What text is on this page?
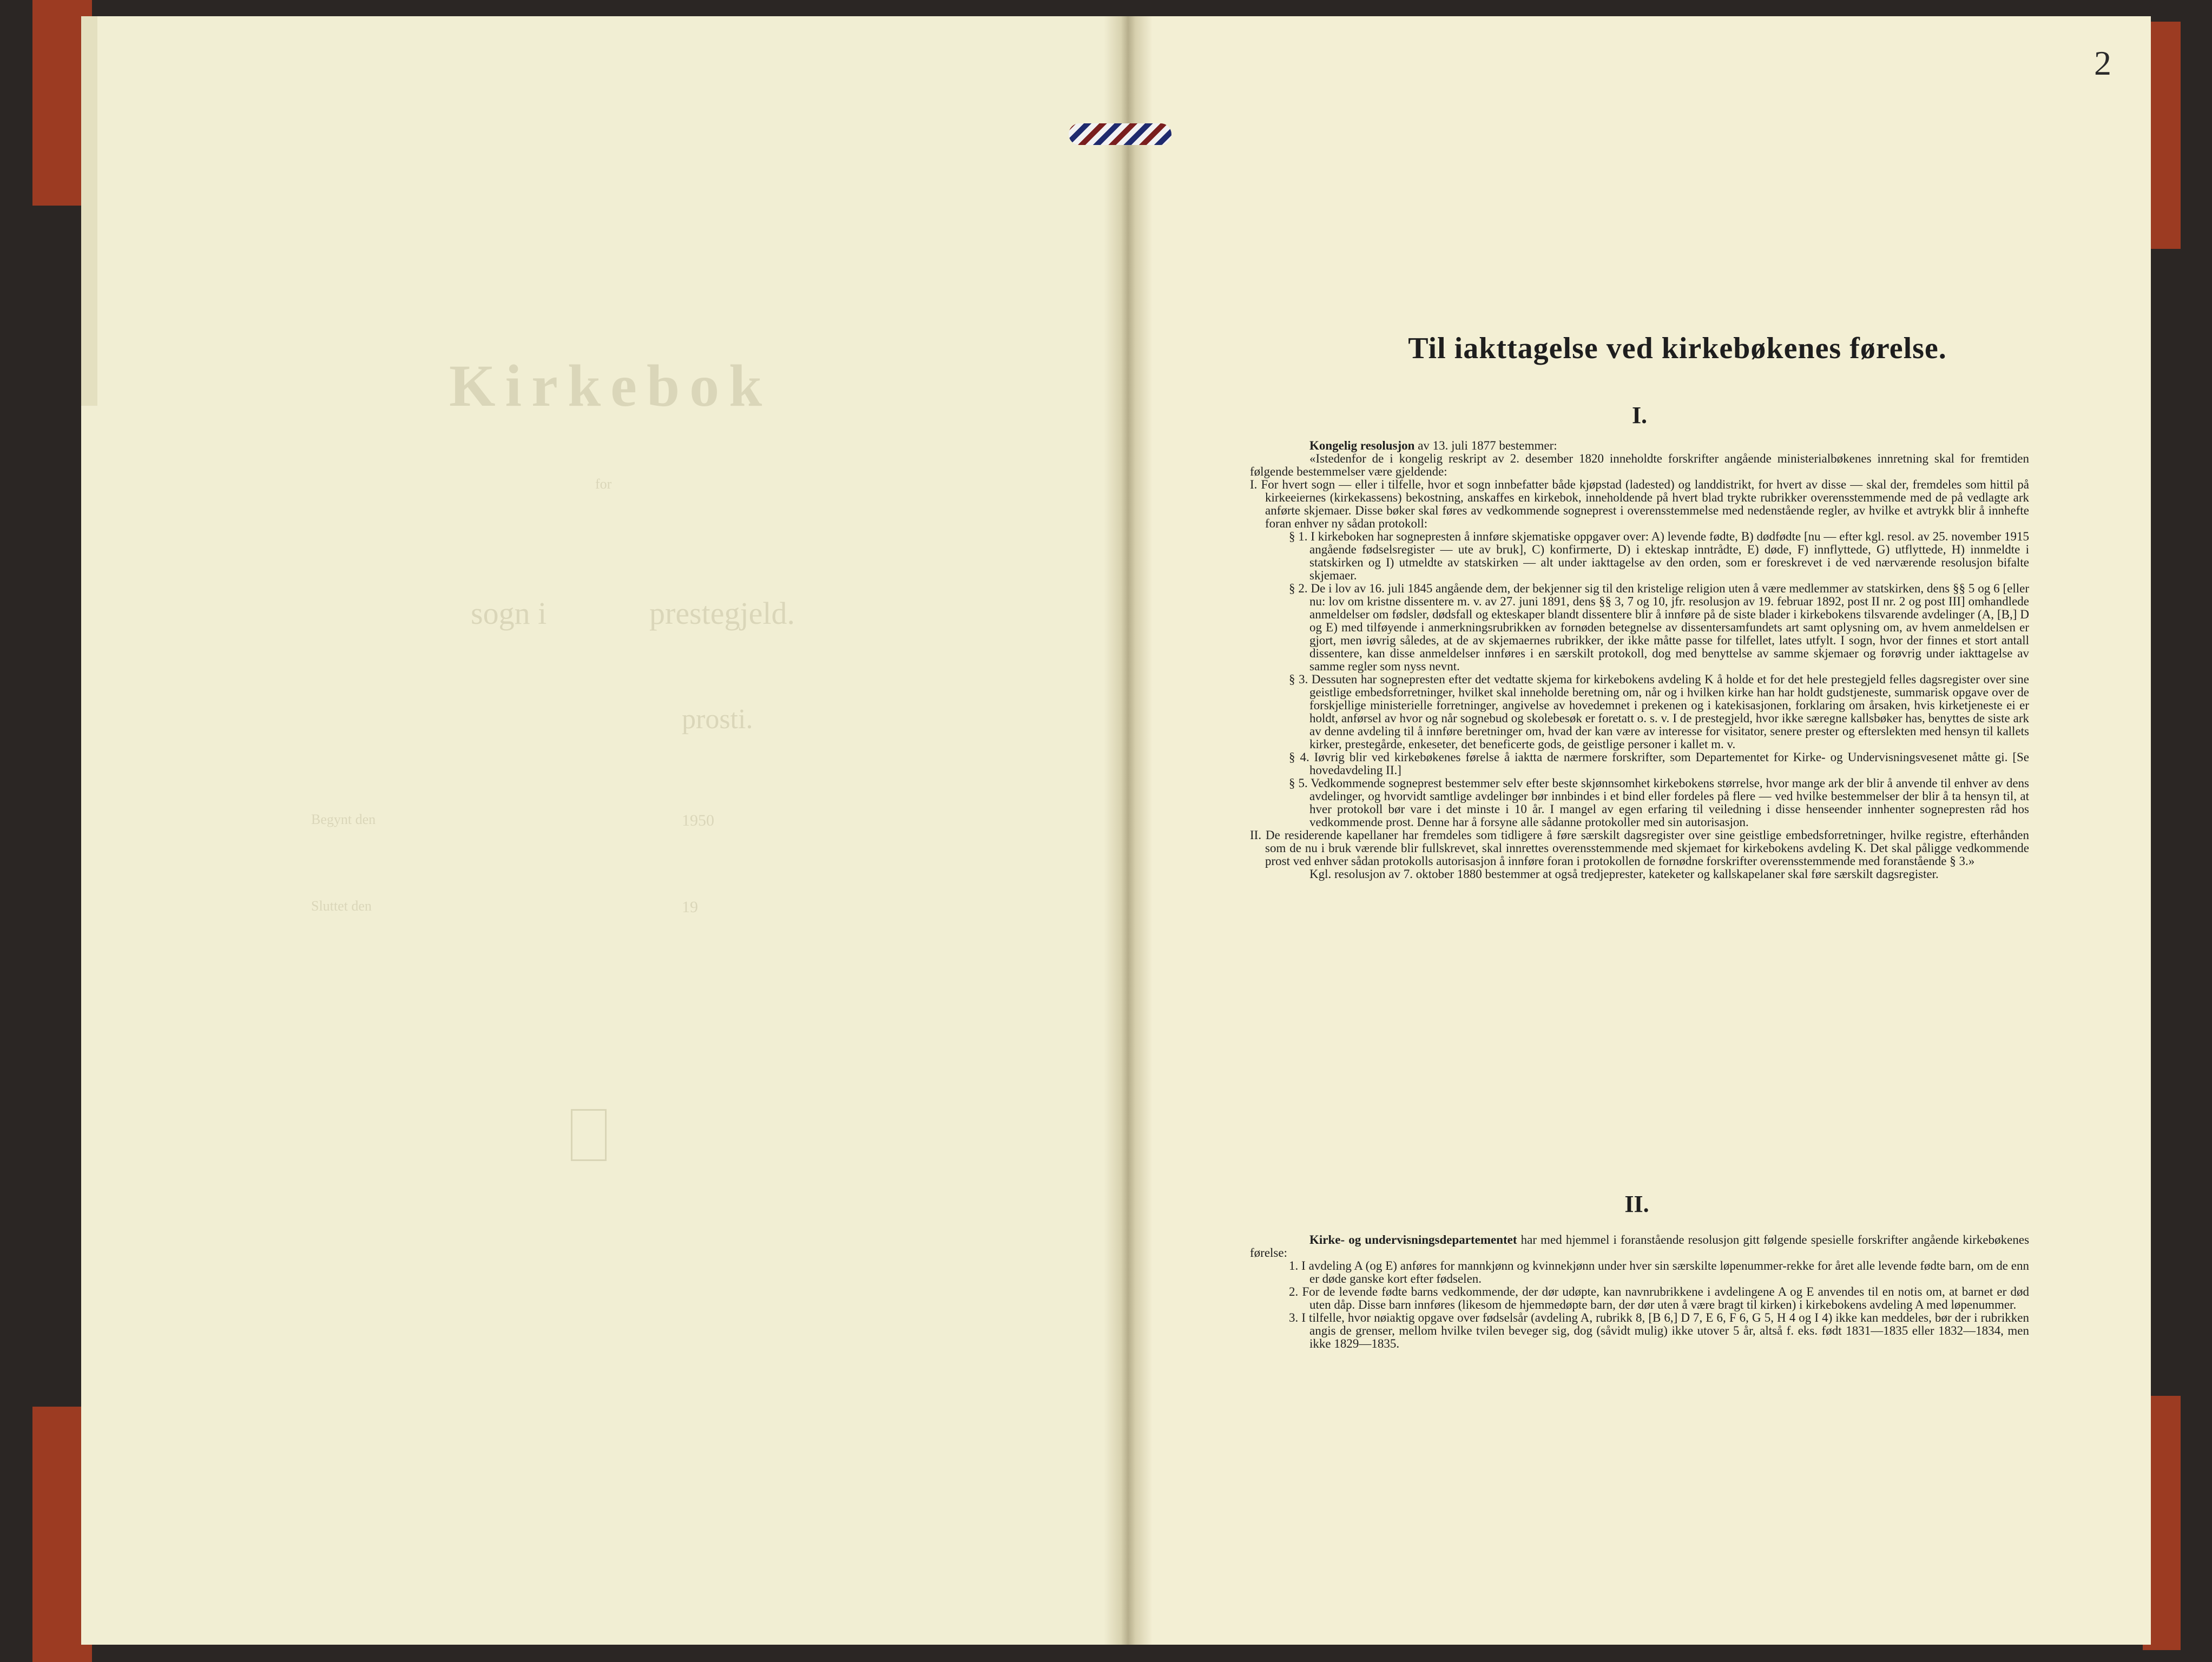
Kirkebok
for
sogn i	prestegjeld.
prosti.
Begynt den	1950
Sluttet den	19
2
Til iakttagelse ved kirkebøkenes førelse.
I.

Kongelig resolusjon av 13. juli 1877 bestemmer:

«Istedenfor de i kongelig reskript av 2. desember 1820 inneholdte forskrifter angående ministerialbøkenes innretning skal for fremtiden følgende bestemmelser være gjeldende:

I. For hvert sogn — eller i tilfelle, hvor et sogn innbefatter både kjøpstad (ladested) og landdistrikt, for hvert av disse — skal der, fremdeles som hittil på kirkeeiernes (kirkekassens) bekostning, anskaffes en kirkebok, inneholdende på hvert blad trykte rubrikker overensstemmende med de på vedlagte ark anførte skjemaer. Disse bøker skal føres av vedkommende sogneprest i overensstemmelse med nedenstående regler, av hvilke et avtrykk blir å innhefte foran enhver ny sådan protokoll:

§ 1. I kirkeboken har sognepresten å innføre skjematiske oppgaver over: A) levende fødte, B) dødfødte [nu — efter kgl. resol. av 25. november 1915 angående fødselsregister — ute av bruk], C) konfirmerte, D) i ekteskap inntrådte, E) døde, F) innflyttede, G) utflyttede, H) innmeldte i statskirken og I) utmeldte av statskirken — alt under iakttagelse av den orden, som er foreskrevet i de ved nærværende resolusjon bifalte skjemaer.

§ 2. De i lov av 16. juli 1845 angående dem, der bekjenner sig til den kristelige religion uten å være medlemmer av statskirken, dens §§ 5 og 6 [eller nu: lov om kristne dissentere m. v. av 27. juni 1891, dens §§ 3, 7 og 10, jfr. resolusjon av 19. februar 1892, post II nr. 2 og post III] omhandlede anmeldelser om fødsler, dødsfall og ekteskaper blandt dissentere blir å innføre på de siste blader i kirkebokens tilsvarende avdelinger (A, [B,] D og E) med tilføyende i anmerkningsrubrikken av fornøden betegnelse av dissentersamfundets art samt oplysning om, av hvem anmeldelsen er gjort, men iøvrig således, at de av skjemaernes rubrikker, der ikke måtte passe for tilfellet, lates utfylt. I sogn, hvor der finnes et stort antall dissentere, kan disse anmeldelser innføres i en særskilt protokoll, dog med benyttelse av samme skjemaer og forøvrig under iakttagelse av samme regler som nyss nevnt.

§ 3. Dessuten har sognepresten efter det vedtatte skjema for kirkebokens avdeling K å holde et for det hele prestegjeld felles dagsregister over sine geistlige embedsforretninger, hvilket skal inneholde beretning om, når og i hvilken kirke han har holdt gudstjeneste, summarisk opgave over de forskjellige ministerielle forretninger, angivelse av hovedemnet i prekenen og i katekisasjonen, forklaring om årsaken, hvis kirketjeneste ei er holdt, anførsel av hvor og når sognebud og skolebesøk er foretatt o. s. v. I de prestegjeld, hvor ikke særegne kallsbøker has, benyttes de siste ark av denne avdeling til å innføre beretninger om, hvad der kan være av interesse for visitator, senere prester og efterslekten med hensyn til kallets kirker, prestegårde, enkeseter, det beneficerte gods, de geistlige personer i kallet m. v.

§ 4. Iøvrig blir ved kirkebøkenes førelse å iaktta de nærmere forskrifter, som Departementet for Kirke- og Undervisningsvesenet måtte gi. [Se hovedavdeling II.]

§ 5. Vedkommende sogneprest bestemmer selv efter beste skjønnsomhet kirkebokens størrelse, hvor mange ark der blir å anvende til enhver av dens avdelinger, og hvorvidt samtlige avdelinger bør innbindes i et bind eller fordeles på flere — ved hvilke bestemmelser der blir å ta hensyn til, at hver protokoll bør vare i det minste i 10 år. I mangel av egen erfaring til veiledning i disse henseender innhenter sognepresten råd hos vedkommende prost. Denne har å forsyne alle sådanne protokoller med sin autorisasjon.

II. De residerende kapellaner har fremdeles som tidligere å føre særskilt dagsregister over sine geistlige embedsforretninger, hvilke registre, efterhånden som de nu i bruk værende blir fullskrevet, skal innrettes overensstemmende med skjemaet for kirkebokens avdeling K. Det skal påligge vedkommende prost ved enhver sådan protokolls autorisasjon å innføre foran i protokollen de fornødne forskrifter overensstemmende med foranstående § 3.»

Kgl. resolusjon av 7. oktober 1880 bestemmer at også tredjeprester, kateketer og kallskapelaner skal føre særskilt dagsregister.

II.

Kirke- og undervisningsdepartementet har med hjemmel i foranstående resolusjon gitt følgende spesielle forskrifter angående kirkebøkenes førelse:

1. I avdeling A (og E) anføres for mannkjønn og kvinnekjønn under hver sin særskilte løpenummer-rekke for året alle levende fødte barn, om de enn er døde ganske kort efter fødselen.

2. For de levende fødte barns vedkommende, der dør udøpte, kan navnrubrikkene i avdelingene A og E anvendes til en notis om, at barnet er død uten dåp. Disse barn innføres (likesom de hjemmedøpte barn, der dør uten å være bragt til kirken) i kirkebokens avdeling A med løpenummer.

3. I tilfelle, hvor nøiaktig opgave over fødselsår (avdeling A, rubrikk 8, [B 6,] D 7, E 6, F 6, G 5, H 4 og I 4) ikke kan meddeles, bør der i rubrikken angis de grenser, mellom hvilke tvilen beveger sig, dog (såvidt mulig) ikke utover 5 år, altså f. eks. født 1831—1835 eller 1832—1834, men ikke 1829—1835.
